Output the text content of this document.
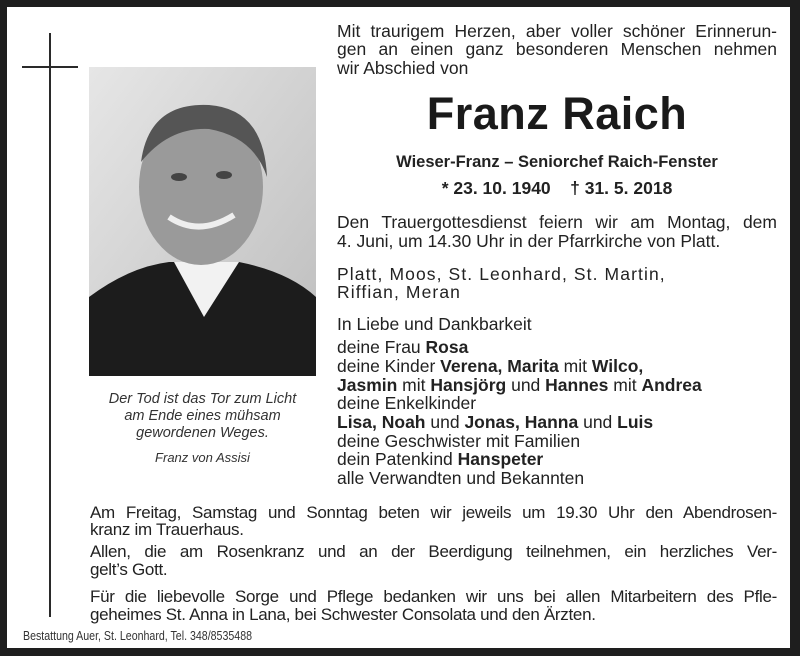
Der Tod ist das Tor zum Licht
am Ende eines mühsam
gewordenen Weges.
Franz von Assisi
Mit traurigem Herzen, aber voller schöner Erinnerun-
gen an einen ganz besonderen Menschen nehmen
wir Abschied von
Franz Raich
Wieser-Franz – Seniorchef Raich-Fenster
* 23. 10. 1940 † 31. 5. 2018
Den Trauergottesdienst feiern wir am Montag, dem
4. Juni, um 14.30 Uhr in der Pfarrkirche von Platt.
Platt, Moos, St. Leonhard, St. Martin,
Riffian, Meran
In Liebe und Dankbarkeit
deine Frau Rosa
deine Kinder Verena, Marita mit Wilco,
Jasmin mit Hansjörg und Hannes mit Andrea
deine Enkelkinder
Lisa, Noah und Jonas, Hanna und Luis
deine Geschwister mit Familien
dein Patenkind Hanspeter
alle Verwandten und Bekannten
Am Freitag, Samstag und Sonntag beten wir jeweils um 19.30 Uhr den Abendrosen-
kranz im Trauerhaus.
Allen, die am Rosenkranz und an der Beerdigung teilnehmen, ein herzliches Ver-
gelt’s Gott.
Für die liebevolle Sorge und Pflege bedanken wir uns bei allen Mitarbeitern des Pfle-
geheimes St. Anna in Lana, bei Schwester Consolata und den Ärzten.
Bestattung Auer, St. Leonhard, Tel. 348/8535488
